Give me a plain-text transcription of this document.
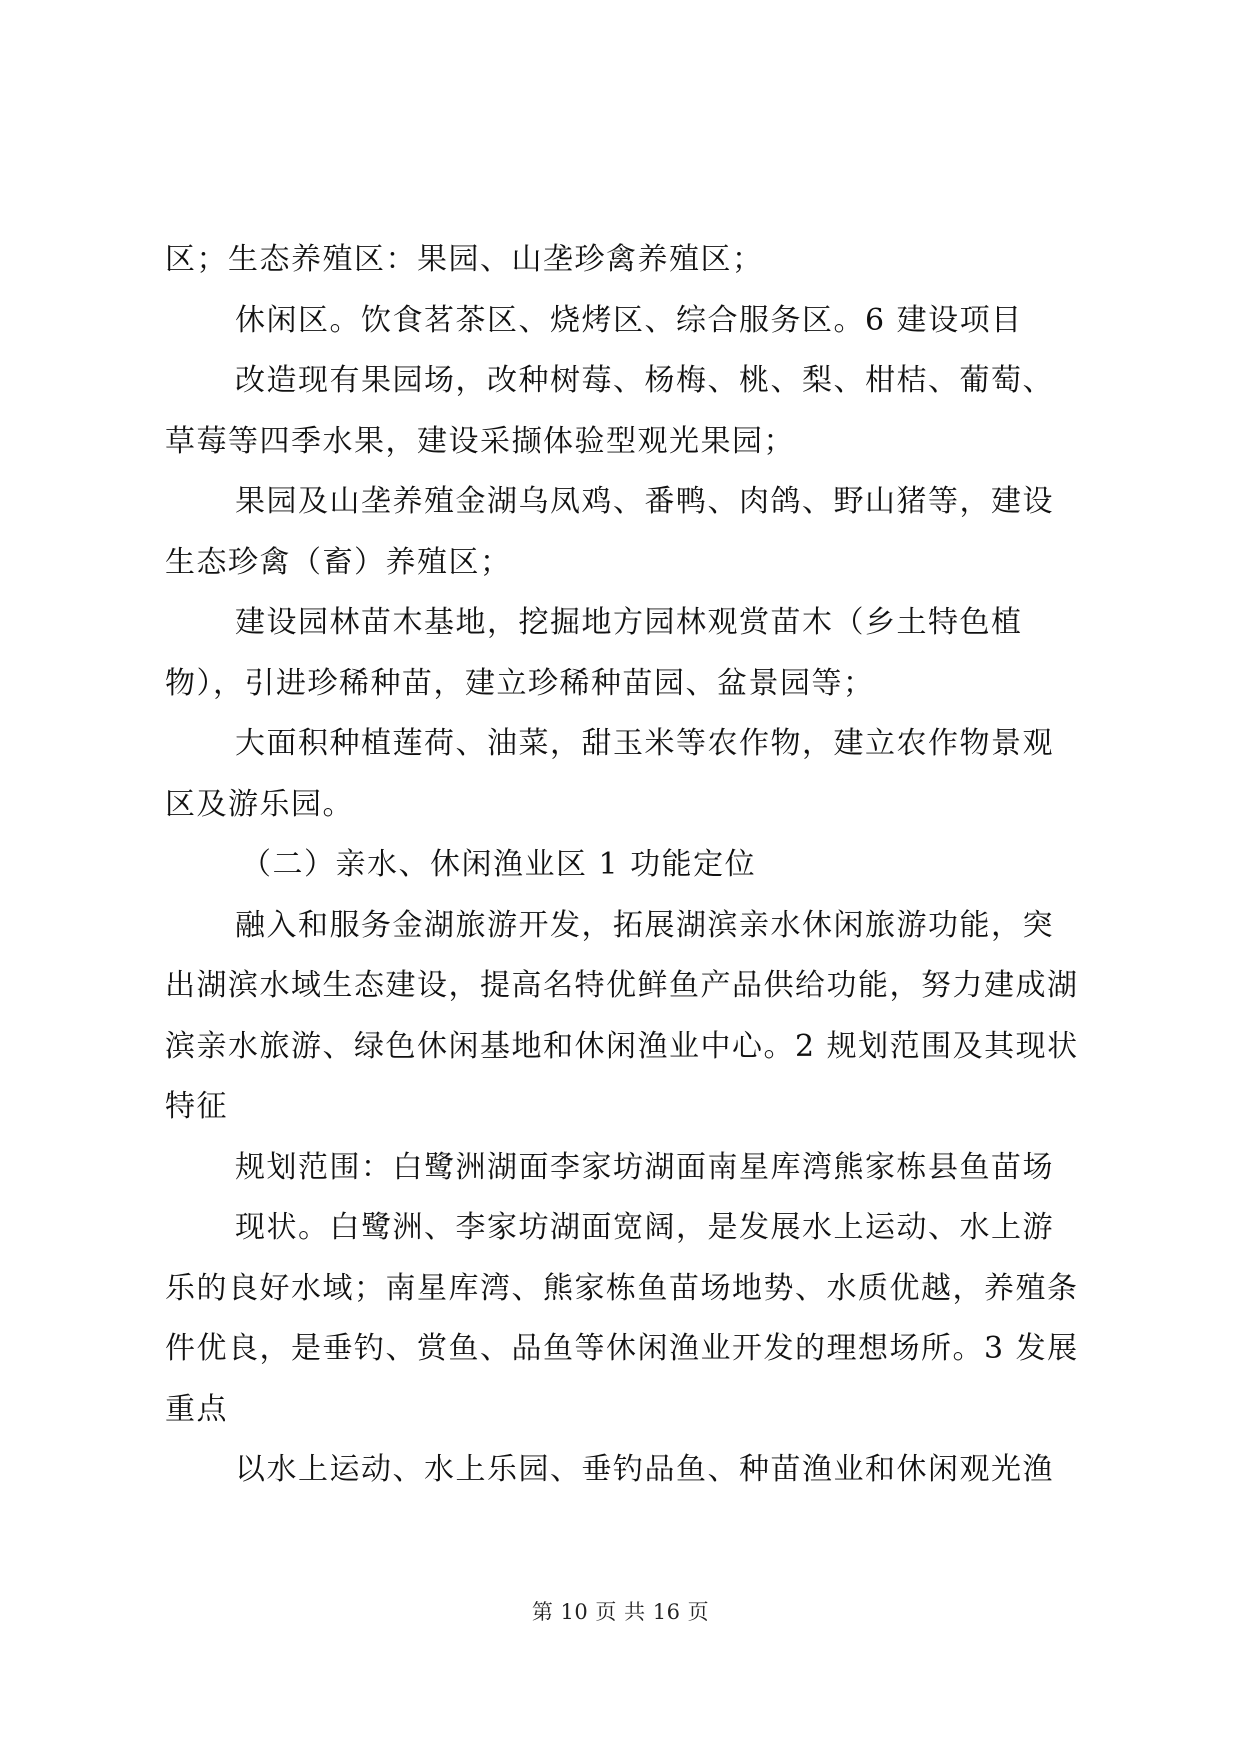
区；生态养殖区：果园、山垄珍禽养殖区；

休闲区。饮食茗茶区、烧烤区、综合服务区。6 建设项目

改造现有果园场，改种树莓、杨梅、桃、梨、柑桔、葡萄、草莓等四季水果，建设采撷体验型观光果园；

果园及山垄养殖金湖乌凤鸡、番鸭、肉鸽、野山猪等，建设生态珍禽（畜）养殖区；

建设园林苗木基地，挖掘地方园林观赏苗木（乡土特色植物），引进珍稀种苗，建立珍稀种苗园、盆景园等；

大面积种植莲荷、油菜，甜玉米等农作物，建立农作物景观区及游乐园。

（二）亲水、休闲渔业区 1 功能定位

融入和服务金湖旅游开发，拓展湖滨亲水休闲旅游功能，突出湖滨水域生态建设，提高名特优鲜鱼产品供给功能，努力建成湖滨亲水旅游、绿色休闲基地和休闲渔业中心。2 规划范围及其现状特征

规划范围：白鹭洲湖面李家坊湖面南星库湾熊家栋县鱼苗场

现状。白鹭洲、李家坊湖面宽阔，是发展水上运动、水上游乐的良好水域；南星库湾、熊家栋鱼苗场地势、水质优越，养殖条件优良，是垂钓、赏鱼、品鱼等休闲渔业开发的理想场所。3 发展重点

以水上运动、水上乐园、垂钓品鱼、种苗渔业和休闲观光渔

第 10 页 共 16 页
